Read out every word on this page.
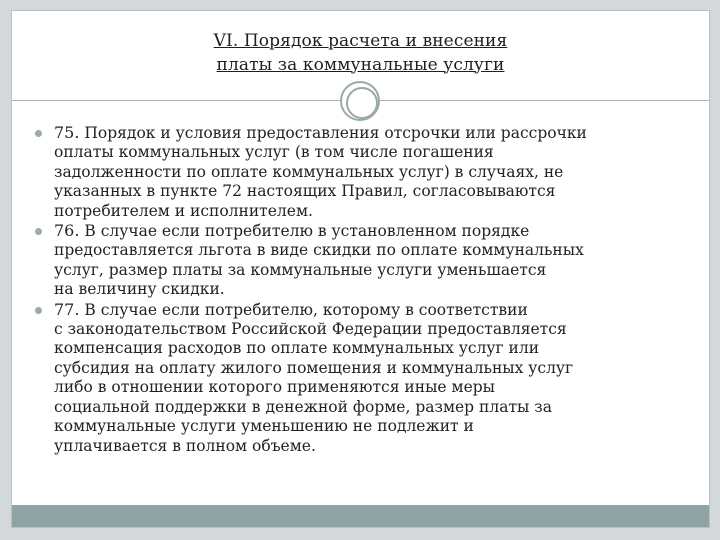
VI. Порядок расчета и внесения
платы за коммунальные услуги
75. Порядок и условия предоставления отсрочки или рассрочки
оплаты коммунальных услуг (в том числе погашения
задолженности по оплате коммунальных услуг) в случаях, не
указанных в пункте 72 настоящих Правил, согласовываются
потребителем и исполнителем.
76. В случае если потребителю в установленном порядке
предоставляется льгота в виде скидки по оплате коммунальных
услуг, размер платы за коммунальные услуги уменьшается
на величину скидки.
77. В случае если потребителю, которому в соответствии
с законодательством Российской Федерации предоставляется
компенсация расходов по оплате коммунальных услуг или
субсидия на оплату жилого помещения и коммунальных услуг
либо в отношении которого применяются иные меры
социальной поддержки в денежной форме, размер платы за
коммунальные услуги уменьшению не подлежит и
уплачивается в полном объеме.
